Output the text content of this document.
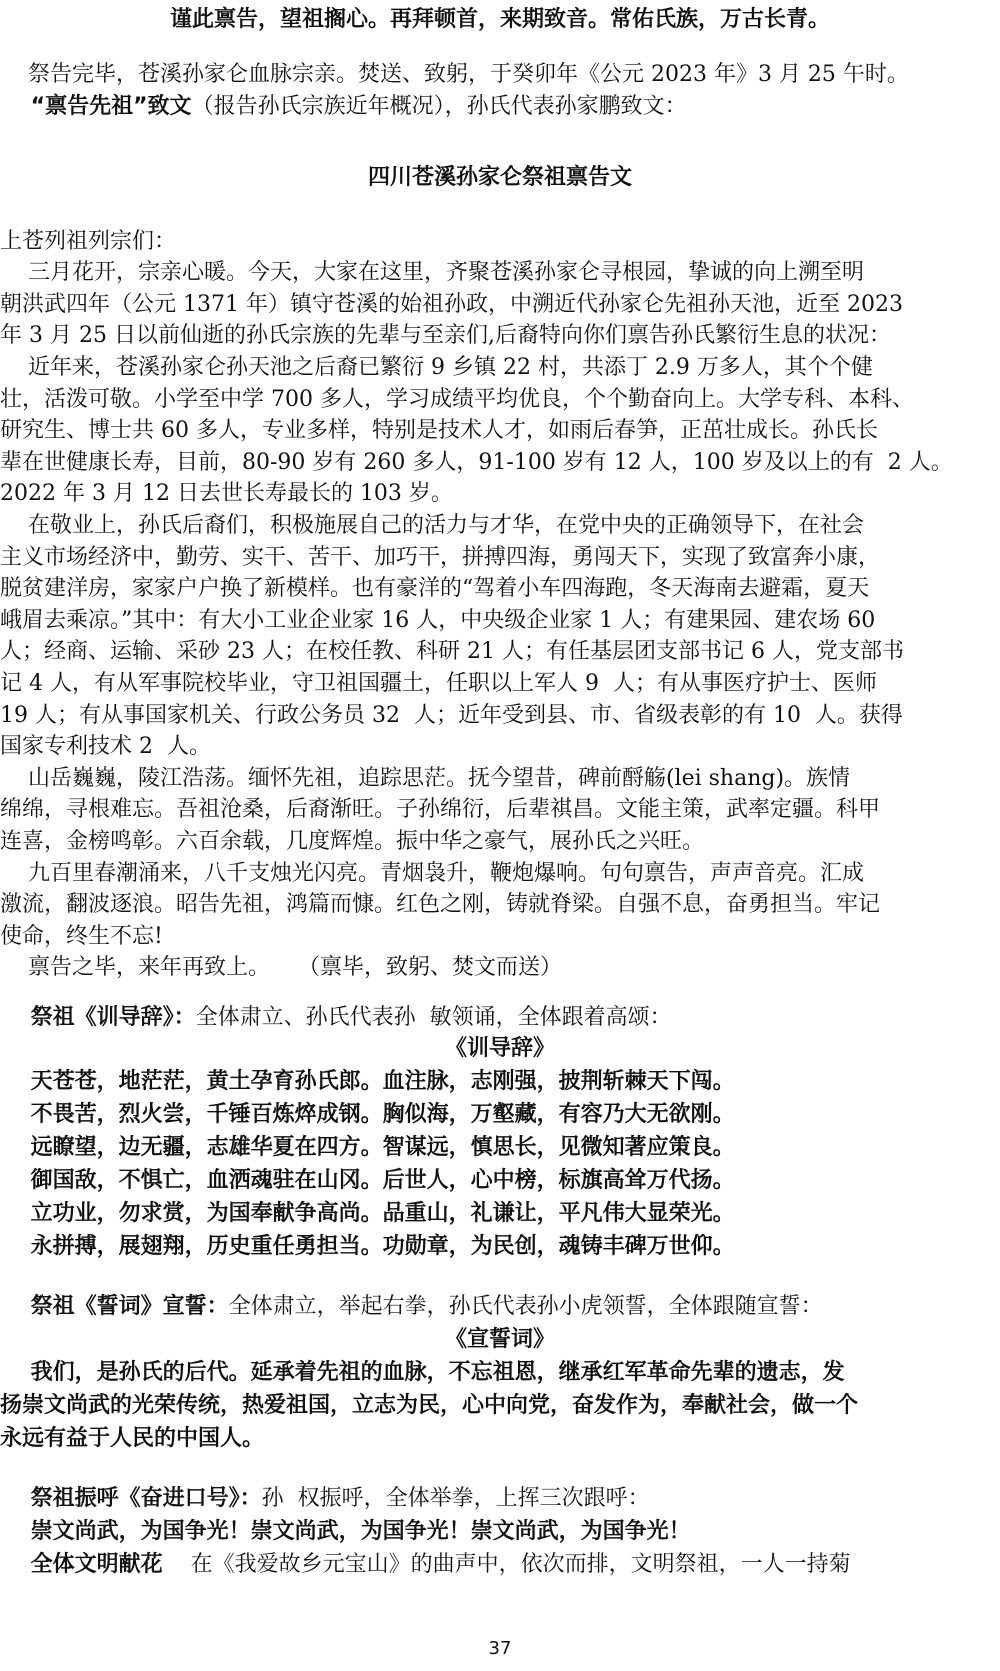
谨此禀告，望祖搁心。再拜顿首，来期致音。常佑氏族，万古长青。
祭告完毕，苍溪孙家仑血脉宗亲。焚送、致躬，于癸卯年《公元 2023 年》3 月 25 午时。
“禀告先祖”致文（报告孙氏宗族近年概况），孙氏代表孙家鹏致文：
四川苍溪孙家仑祭祖禀告文
上苍列祖列宗们：
三月花开，宗亲心暖。今天，大家在这里，齐聚苍溪孙家仑寻根园，挚诚的向上溯至明
朝洪武四年（公元 1371 年）镇守苍溪的始祖孙政，中溯近代孙家仑先祖孙天池，近至 2023
年 3 月 25 日以前仙逝的孙氏宗族的先辈与至亲们,后裔特向你们禀告孙氏繁衍生息的状况：
近年来，苍溪孙家仑孙天池之后裔已繁衍 9 乡镇 22 村，共添丁 2.9 万多人，其个个健
壮，活泼可敬。小学至中学 700 多人，学习成绩平均优良，个个勤奋向上。大学专科、本科、
研究生、博士共 60 多人，专业多样，特别是技术人才，如雨后春笋，正茁壮成长。孙氏长
辈在世健康长寿，目前，80-90 岁有 260 多人，91-100 岁有 12 人，100 岁及以上的有  2 人。
2022 年 3 月 12 日去世长寿最长的 103 岁。
在敬业上，孙氏后裔们，积极施展自己的活力与才华，在党中央的正确领导下，在社会
主义市场经济中，勤劳、实干、苦干、加巧干，拼搏四海，勇闯天下，实现了致富奔小康，
脱贫建洋房，家家户户换了新模样。也有豪洋的“驾着小车四海跑，冬天海南去避霜，夏天
峨眉去乘凉。”其中：有大小工业企业家 16 人，中央级企业家 1 人；有建果园、建农场 60
人；经商、运输、采砂 23 人；在校任教、科研 21 人；有任基层团支部书记 6 人，党支部书
记 4 人，有从军事院校毕业，守卫祖国疆土，任职以上军人 9  人；有从事医疗护士、医师
19 人；有从事国家机关、行政公务员 32  人；近年受到县、市、省级表彰的有 10  人。获得
国家专利技术 2  人。
山岳巍巍，陵江浩荡。缅怀先祖，追踪思茫。抚今望昔，碑前酹觞(lei shang)。族情
绵绵，寻根难忘。吾祖沧桑，后裔渐旺。子孙绵衍，后辈祺昌。文能主策，武率定疆。科甲
连喜，金榜鸣彰。六百余载，几度辉煌。振中华之豪气，展孙氏之兴旺。
九百里春潮涌来，八千支烛光闪亮。青烟袅升，鞭炮爆响。句句禀告，声声音亮。汇成
激流，翻波逐浪。昭告先祖，鸿篇而慷。红色之刚，铸就脊梁。自强不息，奋勇担当。牢记
使命，终生不忘!
禀告之毕，来年再致上。    （禀毕，致躬、焚文而送）
祭祖《训导辞》：全体肃立、孙氏代表孙  敏领诵，全体跟着高颂：
《训导辞》
天苍苍，地茫茫，黄土孕育孙氏郎。血注脉，志刚强，披荆斩棘天下闯。
不畏苦，烈火尝，千锤百炼焠成钢。胸似海，万壑藏，有容乃大无欲刚。
远瞭望，边无疆，志雄华夏在四方。智谋远，慎思长，见微知著应策良。
御国敌，不惧亡，血洒魂驻在山冈。后世人，心中榜，标旗高耸万代扬。
立功业，勿求赏，为国奉献争高尚。品重山，礼谦让，平凡伟大显荣光。
永拼搏，展翅翔，历史重任勇担当。功勋章，为民创，魂铸丰碑万世仰。
祭祖《誓词》宣誓：全体肃立，举起右拳，孙氏代表孙小虎领誓，全体跟随宣誓：
《宣誓词》
我们，是孙氏的后代。延承着先祖的血脉，不忘祖恩，继承红军革命先辈的遗志，发
扬崇文尚武的光荣传统，热爱祖国，立志为民，心中向党，奋发作为，奉献社会，做一个
永远有益于人民的中国人。
祭祖振呼《奋进口号》：孙  权振呼，全体举拳，上挥三次跟呼：
崇文尚武，为国争光！崇文尚武，为国争光！崇文尚武，为国争光！
全体文明献花    在《我爱故乡元宝山》的曲声中，依次而排，文明祭祖，一人一持菊
37
